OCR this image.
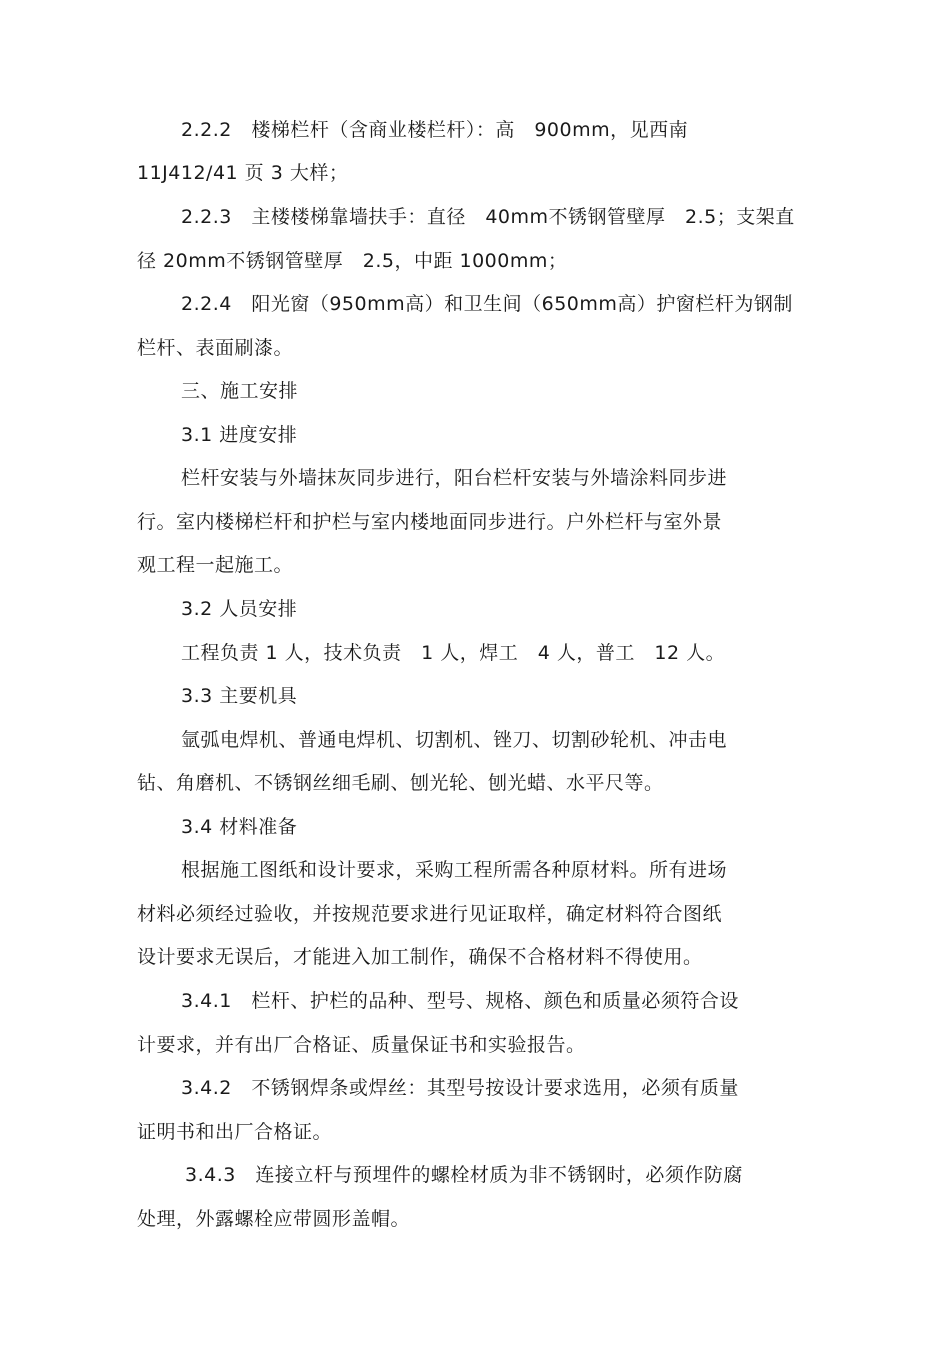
2.2.2　楼梯栏杆（含商业楼栏杆）：高　900mm，见西南
11J412/41 页 3 大样；
2.2.3　主楼楼梯靠墙扶手：直径　40mm不锈钢管壁厚　2.5；支架直
径 20mm不锈钢管壁厚　2.5，中距 1000mm；
2.2.4　阳光窗（950mm高）和卫生间（650mm高）护窗栏杆为钢制
栏杆、表面刷漆。
三、施工安排
3.1 进度安排
栏杆安装与外墙抹灰同步进行，阳台栏杆安装与外墙涂料同步进
行。室内楼梯栏杆和护栏与室内楼地面同步进行。户外栏杆与室外景
观工程一起施工。
3.2 人员安排
工程负责 1 人，技术负责　1 人，焊工　4 人，普工　12 人。
3.3 主要机具
氩弧电焊机、普通电焊机、切割机、锉刀、切割砂轮机、冲击电
钻、角磨机、不锈钢丝细毛刷、刨光轮、刨光蜡、水平尺等。
3.4 材料准备
根据施工图纸和设计要求，采购工程所需各种原材料。所有进场
材料必须经过验收，并按规范要求进行见证取样，确定材料符合图纸
设计要求无误后，才能进入加工制作，确保不合格材料不得使用。
3.4.1　栏杆、护栏的品种、型号、规格、颜色和质量必须符合设
计要求，并有出厂合格证、质量保证书和实验报告。
3.4.2　不锈钢焊条或焊丝：其型号按设计要求选用，必须有质量
证明书和出厂合格证。
3.4.3　连接立杆与预埋件的螺栓材质为非不锈钢时，必须作防腐
处理，外露螺栓应带圆形盖帽。
